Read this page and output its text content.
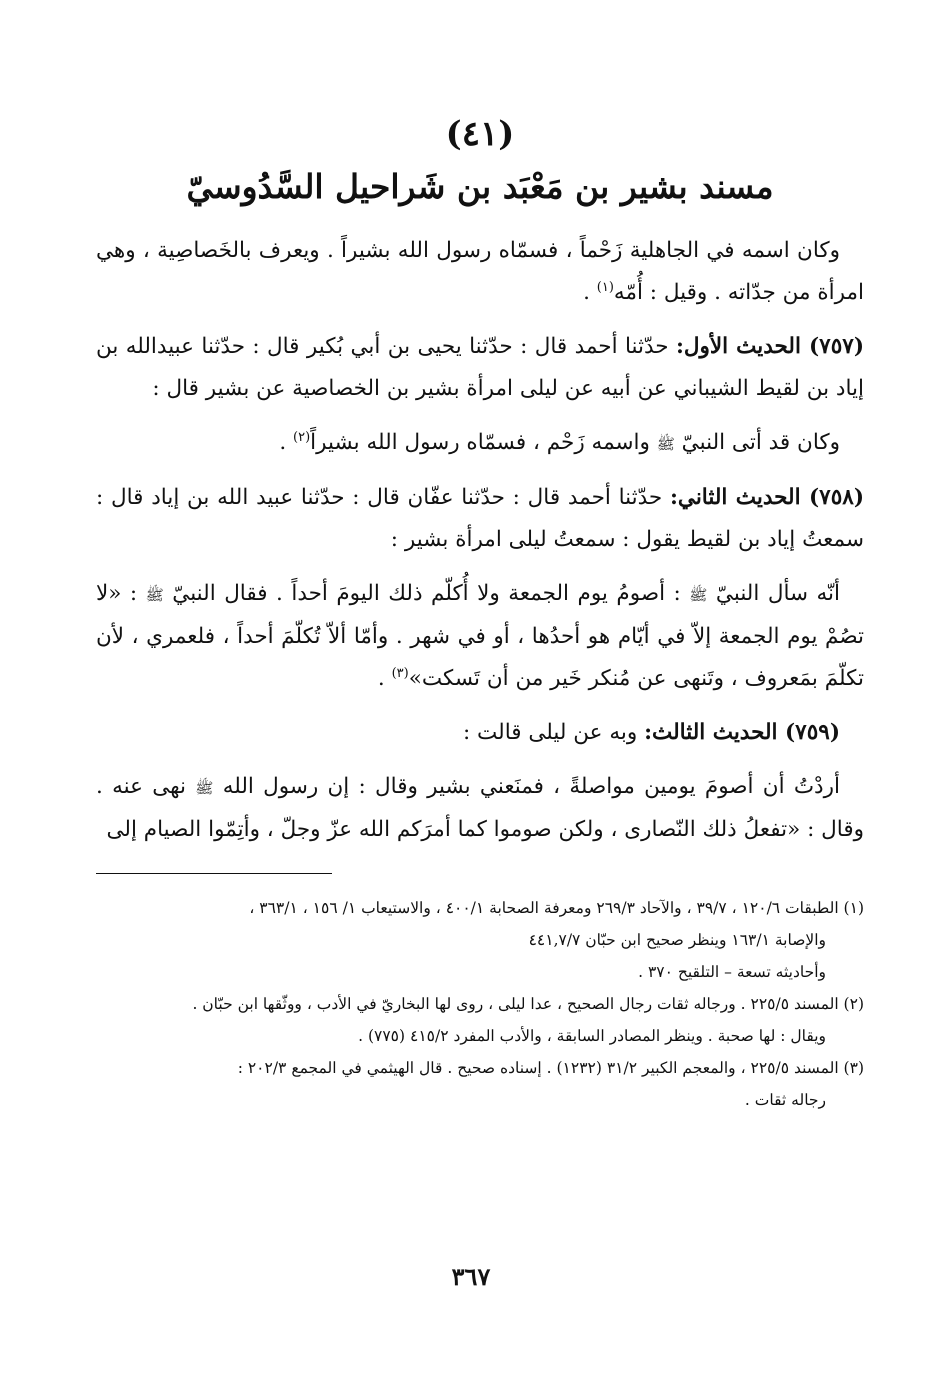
(٤١)

مسند بشير بن مَعْبَد بن شَراحيل السَّدُوسيّ

وكان اسمه في الجاهلية زَحْماً ، فسمّاه رسول الله بشيراً . ويعرف بالخَصاصِية ، وهي امرأة من جدّاته . وقيل : أُمّه$^{(١)}$ .

(٧٥٧) الحديث الأول: حدّثنا أحمد قال : حدّثنا يحيى بن أبي بُكير قال : حدّثنا عبيدالله بن إياد بن لقيط الشيباني عن أبيه عن ليلى امرأة بشير بن الخصاصية عن بشير قال :

وكان قد أتى النبيّ ﷺ واسمه زَحْم ، فسمّاه رسول الله بشيراً$^{(٢)}$ .

(٧٥٨) الحديث الثاني: حدّثنا أحمد قال : حدّثنا عفّان قال : حدّثنا عبيد الله بن إياد قال : سمعتُ إياد بن لقيط يقول : سمعتُ ليلى امرأة بشير :

أنّه سأل النبيّ ﷺ : أصومُ يوم الجمعة ولا أُكلّم ذلك اليومَ أحداً . فقال النبيّ ﷺ : «لا تصُمْ يوم الجمعة إلاّ في أيّام هو أحدُها ، أو في شهر . وأمّا ألاّ تُكلّمَ أحداً ، فلعمري ، لأن تكلّمَ بمَعروف ، وتَنهى عن مُنكر خَير من أن تَسكت»$^{(٣)}$ .

(٧٥٩) الحديث الثالث: وبه عن ليلى قالت :

أردْتُ أن أصومَ يومين مواصلةً ، فمنَعني بشير وقال : إن رسول الله ﷺ نهى عنه . وقال : «تفعلُ ذلك النّصارى ، ولكن صوموا كما أمرَكم الله عزّ وجلّ ، وأتِمّوا الصيام إلى

(١) الطبقات ١٢٠/٦ ، ٣٩/٧ ، والآحاد ٢٦٩/٣ ومعرفة الصحابة ٤٠٠/١ ، والاستيعاب ١/ ١٥٦ ، ٣٦٣/١ ،
والإصابة ١٦٣/١ وينظر صحيح ابن حبّان ٤٤١,٧/٧
وأحاديثه تسعة – التلقيح ٣٧٠ .

(٢) المسند ٢٢٥/٥ . ورجاله ثقات رجال الصحيح ، عدا ليلى ، روى لها البخاريّ في الأدب ، ووثّقها ابن حبّان .
ويقال : لها صحبة . وينظر المصادر السابقة ، والأدب المفرد ٤١٥/٢ (٧٧٥) .

(٣) المسند ٢٢٥/٥ ، والمعجم الكبير ٣١/٢ (١٢٣٢) . إسناده صحيح . قال الهيثمي في المجمع ٢٠٢/٣ :
رجاله ثقات .

٣٦٧
